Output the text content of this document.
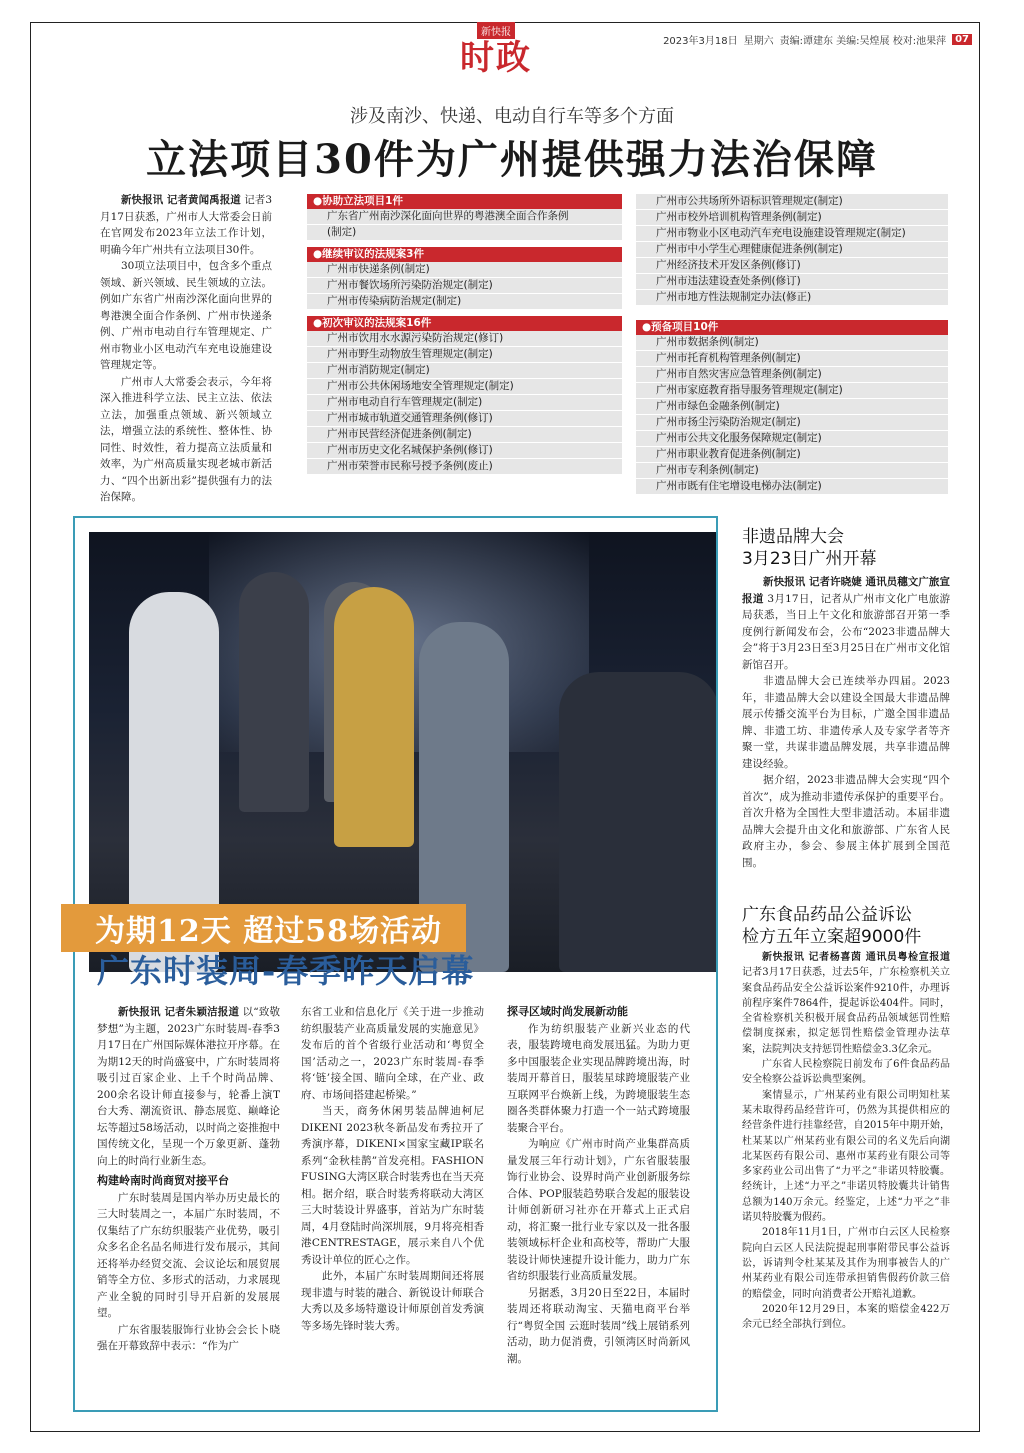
新快报
时政	2023年3月18日 星期六 责编:谭建东 美编:吴煌展 校对:池果萍 07
涉及南沙、快递、电动自行车等多个方面
立法项目30件为广州提供强力法治保障

新快报讯 记者黄闻禹报道 记者3月17日获悉，广州市人大常委会日前在官网发布2023年立法工作计划，明确今年广州共有立法项目30件。

30项立法项目中，包含多个重点领域、新兴领域、民生领域的立法。例如广东省广州南沙深化面向世界的粤港澳全面合作条例、广州市快递条例、广州市电动自行车管理规定、广州市物业小区电动汽车充电设施建设管理规定等。

广州市人大常委会表示，今年将深入推进科学立法、民主立法、依法立法，加强重点领域、新兴领域立法，增强立法的系统性、整体性、协同性、时效性，着力提高立法质量和效率，为广州高质量实现老城市新活力、“四个出新出彩”提供强有力的法治保障。

●协助立法项目1件
广东省广州南沙深化面向世界的粤港澳全面合作条例
(制定)
●继续审议的法规案3件
广州市快递条例(制定)
广州市餐饮场所污染防治规定(制定)
广州市传染病防治规定(制定)
●初次审议的法规案16件
广州市饮用水水源污染防治规定(修订)
广州市野生动物放生管理规定(制定)
广州市消防规定(制定)
广州市公共休闲场地安全管理规定(制定)
广州市电动自行车管理规定(制定)
广州市城市轨道交通管理条例(修订)
广州市民营经济促进条例(制定)
广州市历史文化名城保护条例(修订)
广州市荣誉市民称号授予条例(废止)
广州市公共场所外语标识管理规定(制定)
广州市校外培训机构管理条例(制定)
广州市物业小区电动汽车充电设施建设管理规定(制定)
广州市中小学生心理健康促进条例(制定)
广州经济技术开发区条例(修订)
广州市违法建设查处条例(修订)
广州市地方性法规制定办法(修正)
●预备项目10件
广州市数据条例(制定)
广州市托育机构管理条例(制定)
广州市自然灾害应急管理条例(制定)
广州市家庭教育指导服务管理规定(制定)
广州市绿色金融条例(制定)
广州市扬尘污染防治规定(制定)
广州市公共文化服务保障规定(制定)
广州市职业教育促进条例(制定)
广州市专利条例(制定)
广州市既有住宅增设电梯办法(制定)
为期12天 超过58场活动
广东时装周-春季昨天启幕

新快报讯 记者朱颖洁报道 以“致敬梦想”为主题，2023广东时装周-春季3月17日在广州国际媒体港拉开序幕。在为期12天的时尚盛宴中，广东时装周将吸引过百家企业、上千个时尚品牌、200余名设计师直接参与，轮番上演T台大秀、潮流资讯、静态展览、巅峰论坛等超过58场活动，以时尚之姿推抱中国传统文化，呈现一个万象更新、蓬勃向上的时尚行业新生态。

构建岭南时尚商贸对接平台

广东时装周是国内举办历史最长的三大时装周之一，本届广东时装周，不仅集结了广东纺织服装产业优势，吸引众多名企名品名师进行发布展示，其间还将举办经贸交流、会议论坛和展贸展销等全方位、多形式的活动，力求展现产业全貌的同时引导开启新的发展展望。

广东省服装服饰行业协会会长卜晓强在开幕致辞中表示：“作为广

东省工业和信息化厅《关于进一步推动纺织服装产业高质量发展的实施意见》发布后的首个省级行业活动和‘粤贸全国’活动之一，2023广东时装周-春季将‘链’接全国、瞄向全球，在产业、政府、市场间搭建起桥梁。”

当天，商务休闲男装品牌迪柯尼DIKENI 2023秋冬新品发布秀拉开了秀演序幕，DIKENI×国家宝藏IP联名系列“金秋桂鹊”首发亮相。FASHION FUSING大湾区联合时装秀也在当天亮相。据介绍，联合时装秀将联动大湾区三大时装设计界盛事，首站为广东时装周，4月登陆时尚深圳展，9月将亮相香港CENTRESTAGE，展示来自八个优秀设计单位的匠心之作。

此外，本届广东时装周期间还将展现非遗与时装的融合、新锐设计师联合大秀以及多场特邀设计师原创首发秀演等多场先锋时装大秀。

探寻区域时尚发展新动能

作为纺织服装产业新兴业态的代表，服装跨境电商发展迅猛。为助力更多中国服装企业实现品牌跨境出海，时装周开幕首日，服装星球跨境服装产业互联网平台焕新上线，为跨境服装生态圈各类群体聚力打造一个一站式跨境服装聚合平台。

为响应《广州市时尚产业集群高质量发展三年行动计划》，广东省服装服饰行业协会、设界时尚产业创新服务综合体、POP服装趋势联合发起的服装设计师创新研习社亦在开幕式上正式启动，将汇聚一批行业专家以及一批各服装领域标杆企业和高校等，帮助广大服装设计师快速提升设计能力，助力广东省纺织服装行业高质量发展。

另据悉，3月20日至22日，本届时装周还将联动淘宝、天猫电商平台举行“粤贸全国 云逛时装周”线上展销系列活动，助力促消费，引领湾区时尚新风潮。

非遗品牌大会
3月23日广州开幕

新快报讯 记者许晓婕 通讯员穗文广旅宣报道 3月17日，记者从广州市文化广电旅游局获悉，当日上午文化和旅游部召开第一季度例行新闻发布会，公布“2023非遗品牌大会”将于3月23日至3月25日在广州市文化馆新馆召开。

非遗品牌大会已连续举办四届。2023年，非遗品牌大会以建设全国最大非遗品牌展示传播交流平台为目标，广邀全国非遗品牌、非遗工坊、非遗传承人及专家学者等齐聚一堂，共谋非遗品牌发展，共享非遗品牌建设经验。

据介绍，2023非遗品牌大会实现“四个首次”，成为推动非遗传承保护的重要平台。首次升格为全国性大型非遗活动。本届非遗品牌大会提升由文化和旅游部、广东省人民政府主办，参会、参展主体扩展到全国范围。

广东食品药品公益诉讼
检方五年立案超9000件

新快报讯 记者杨喜茵 通讯员粤检宣报道 记者3月17日获悉，过去5年，广东检察机关立案食品药品安全公益诉讼案件9210件，办理诉前程序案件7864件，提起诉讼404件。同时，全省检察机关积极开展食品药品领域惩罚性赔偿制度探索，拟定惩罚性赔偿金管理办法草案，法院判决支持惩罚性赔偿金3.3亿余元。

广东省人民检察院日前发布了6件食品药品安全检察公益诉讼典型案例。

案情显示，广州某药业有限公司明知杜某某未取得药品经营许可，仍然为其提供相应的经营条件进行挂靠经营，自2015年中期开始，杜某某以广州某药业有限公司的名义先后向湖北某医药有限公司、惠州市某药业有限公司等多家药业公司出售了“力平之”非诺贝特胶囊。经统计，上述“力平之”非诺贝特胶囊共计销售总额为140万余元。经鉴定，上述“力平之”非诺贝特胶囊为假药。

2018年11月1日，广州市白云区人民检察院向白云区人民法院提起刑事附带民事公益诉讼，诉请判令杜某某及其作为刑事被告人的广州某药业有限公司连带承担销售假药价款三倍的赔偿金，同时向消费者公开赔礼道歉。

2020年12月29日，本案的赔偿金422万余元已经全部执行到位。
